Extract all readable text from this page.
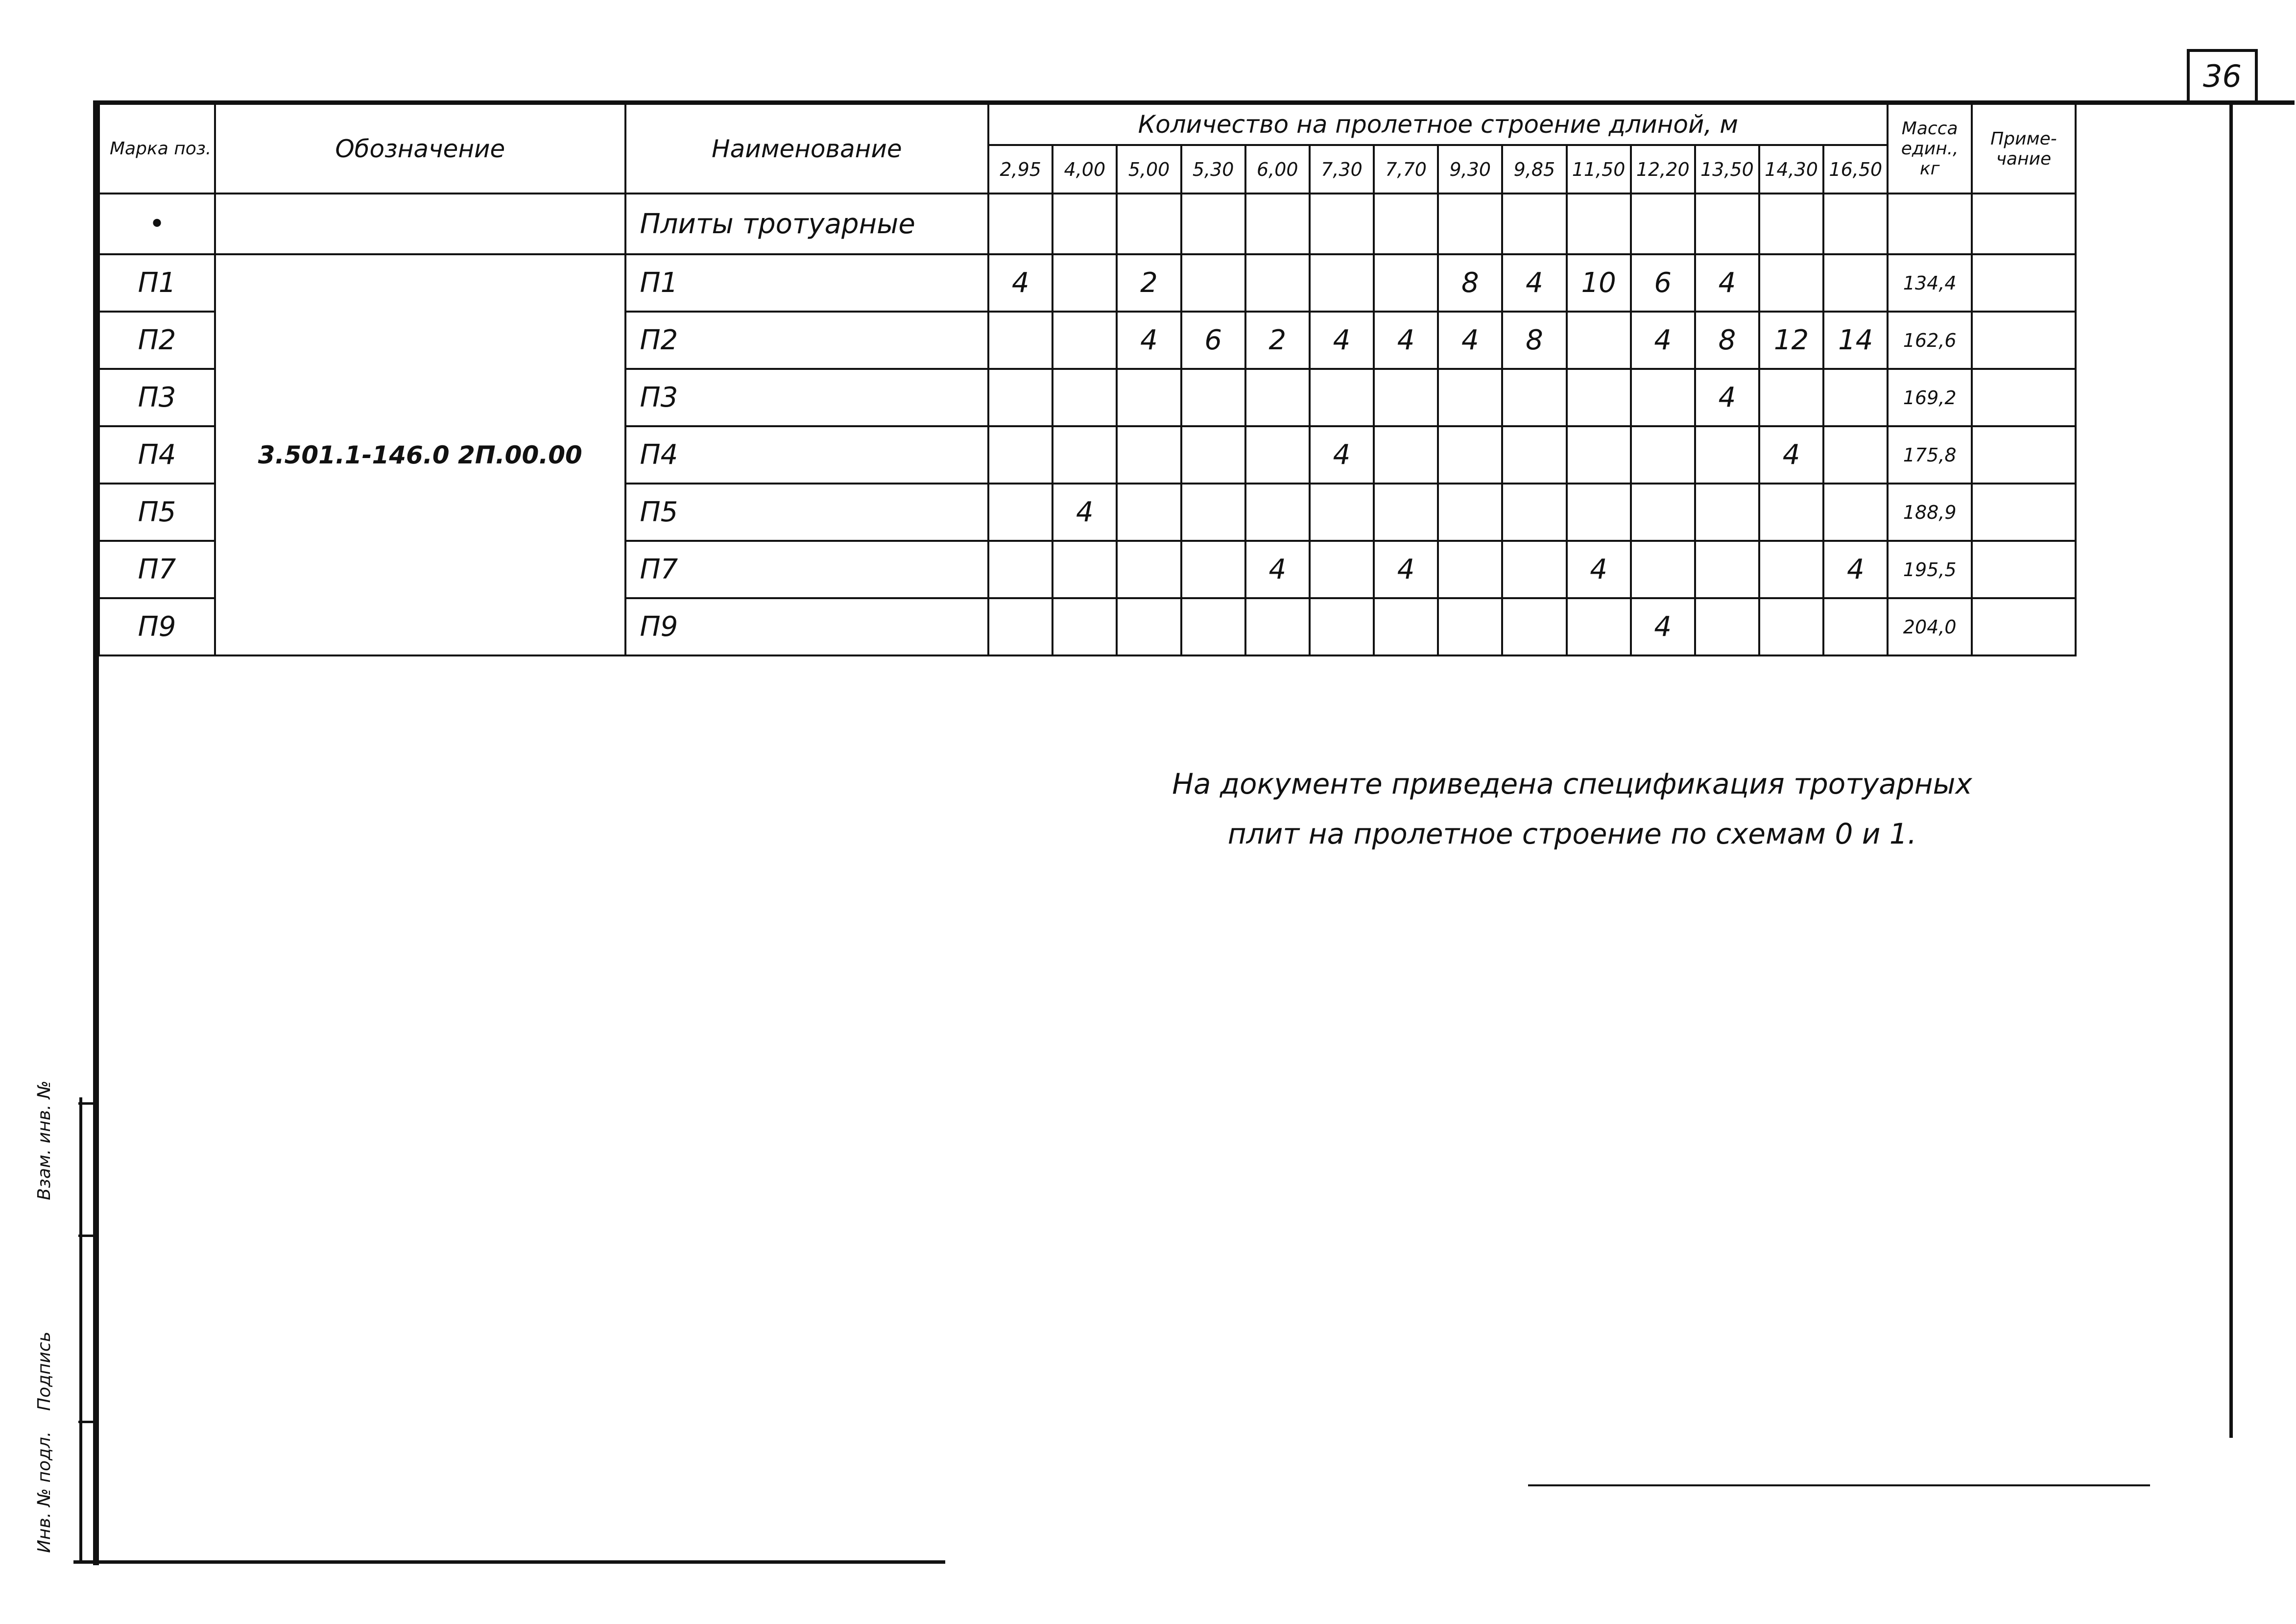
36
Взам. инв. №
Подпись
Инв. № подл.
Марка поз.	Обозначение	Наименование	Количество на пролетное строение длиной, м														Масса един., кг	Приме-чание
			2,95	4,00	5,00	5,30	6,00	7,30	7,70	9,30	9,85	11,50	12,20	13,50	14,30	16,50		
•		Плиты тротуарные																
П1	3.501.1-146.0 2П.00.00	П1	4		2					8	4	10	6	4			134,4	
П2		П2			4	6	2	4	4	4	8		4	8	12	14	162,6	
П3		П3												4			169,2	
П4		П4						4							4		175,8	
П5		П5		4													188,9	
П7		П7					4		4			4				4	195,5	
П9		П9											4				204,0	
На документе приведена спецификация тротуарных
плит на пролетное строение по схемам 0 и 1.
